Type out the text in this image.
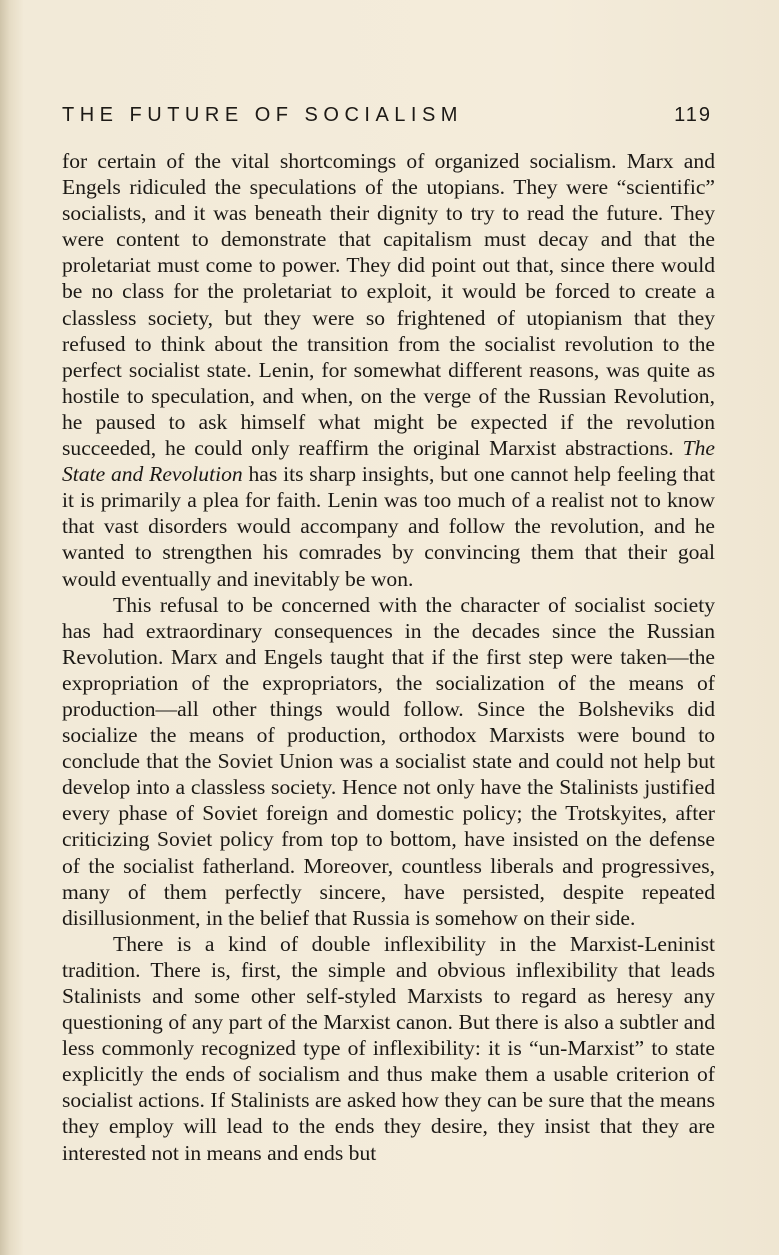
THE FUTURE OF SOCIALISM	119

for certain of the vital shortcomings of organized socialism. Marx and Engels ridiculed the speculations of the utopians. They were “scientific” socialists, and it was beneath their dignity to try to read the future. They were content to demonstrate that capitalism must decay and that the proletariat must come to power. They did point out that, since there would be no class for the proletariat to exploit, it would be forced to create a classless society, but they were so frightened of utopianism that they refused to think about the transition from the socialist revolution to the perfect socialist state. Lenin, for somewhat different reasons, was quite as hostile to speculation, and when, on the verge of the Russian Revolution, he paused to ask himself what might be expected if the revolution succeeded, he could only reaffirm the original Marxist abstractions. The State and Revolution has its sharp insights, but one cannot help feeling that it is primarily a plea for faith. Lenin was too much of a realist not to know that vast disorders would accompany and follow the revolution, and he wanted to strengthen his comrades by convincing them that their goal would eventually and inevitably be won.

This refusal to be concerned with the character of socialist society has had extraordinary consequences in the decades since the Russian Revolution. Marx and Engels taught that if the first step were taken—the expropriation of the expropriators, the socialization of the means of production—all other things would follow. Since the Bolsheviks did socialize the means of production, orthodox Marxists were bound to conclude that the Soviet Union was a socialist state and could not help but develop into a classless society. Hence not only have the Stalinists justified every phase of Soviet foreign and domestic policy; the Trotskyites, after criticizing Soviet policy from top to bottom, have insisted on the defense of the socialist fatherland. Moreover, countless liberals and progressives, many of them perfectly sincere, have persisted, despite repeated disillusionment, in the belief that Russia is somehow on their side.

There is a kind of double inflexibility in the Marxist-Leninist tradition. There is, first, the simple and obvious inflexibility that leads Stalinists and some other self-styled Marxists to regard as heresy any questioning of any part of the Marxist canon. But there is also a subtler and less commonly recognized type of inflexibility: it is “un-Marxist” to state explicitly the ends of socialism and thus make them a usable criterion of socialist actions. If Stalinists are asked how they can be sure that the means they employ will lead to the ends they desire, they insist that they are interested not in means and ends but
